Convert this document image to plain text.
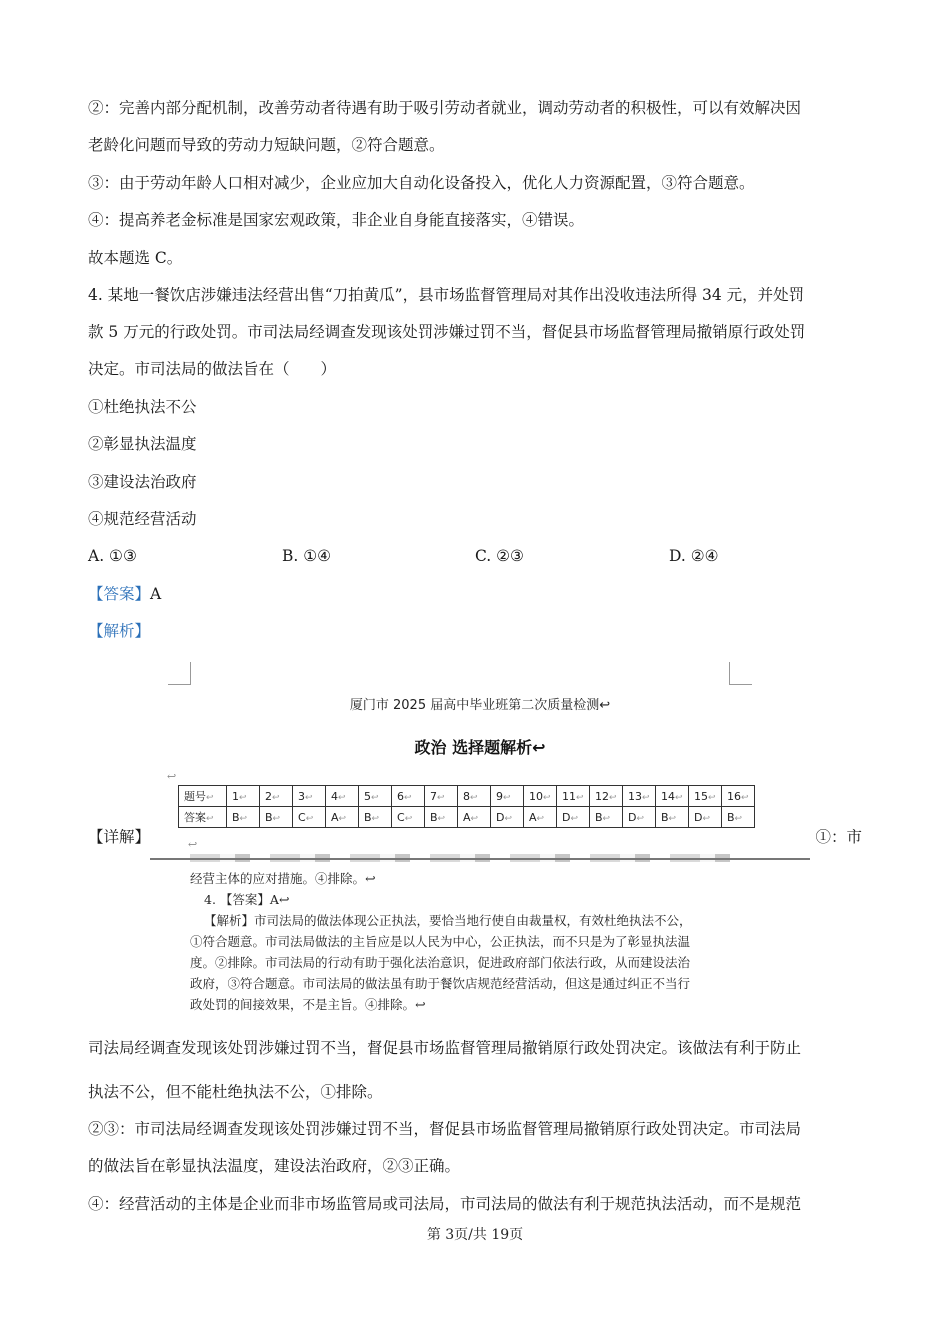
②：完善内部分配机制，改善劳动者待遇有助于吸引劳动者就业，调动劳动者的积极性，可以有效解决因
老龄化问题而导致的劳动力短缺问题，②符合题意。
③：由于劳动年龄人口相对减少，企业应加大自动化设备投入，优化人力资源配置，③符合题意。
④：提高养老金标准是国家宏观政策，非企业自身能直接落实，④错误。
故本题选 C。
4. 某地一餐饮店涉嫌违法经营出售“刀拍黄瓜”，县市场监督管理局对其作出没收违法所得 34 元，并处罚
款 5 万元的行政处罚。市司法局经调查发现该处罚涉嫌过罚不当，督促县市场监督管理局撤销原行政处罚
决定。市司法局的做法旨在（　　）
①杜绝执法不公
②彰显执法温度
③建设法治政府
④规范经营活动
A. ①③	B. ①④	C. ②③	D. ②④
【答案】A
【解析】
厦门市 2025 届高中毕业班第二次质量检测↩
政治 选择题解析↩
↩
题号↩	1↩	2↩	3↩	4↩	5↩	6↩	7↩	8↩	9↩	10↩	11↩	12↩	13↩	14↩	15↩	16↩
答案↩	B↩	B↩	C↩	A↩	B↩	C↩	B↩	A↩	D↩	A↩	D↩	B↩	D↩	B↩	D↩	B↩
↩
经营主体的应对措施。④排除。↩
4. 【答案】A↩
【解析】市司法局的做法体现公正执法，要恰当地行使自由裁量权，有效杜绝执法不公，
①符合题意。市司法局做法的主旨应是以人民为中心，公正执法，而不只是为了彰显执法温
度。②排除。市司法局的行动有助于强化法治意识，促进政府部门依法行政，从而建设法治
政府，③符合题意。市司法局的做法虽有助于餐饮店规范经营活动，但这是通过纠正不当行
政处罚的间接效果，不是主旨。④排除。↩
【详解】	①：市
司法局经调查发现该处罚涉嫌过罚不当，督促县市场监督管理局撤销原行政处罚决定。该做法有利于防止
执法不公，但不能杜绝执法不公，①排除。
②③：市司法局经调查发现该处罚涉嫌过罚不当，督促县市场监督管理局撤销原行政处罚决定。市司法局
的做法旨在彰显执法温度，建设法治政府，②③正确。
④：经营活动的主体是企业而非市场监管局或司法局，市司法局的做法有利于规范执法活动，而不是规范
第 3页/共 19页
